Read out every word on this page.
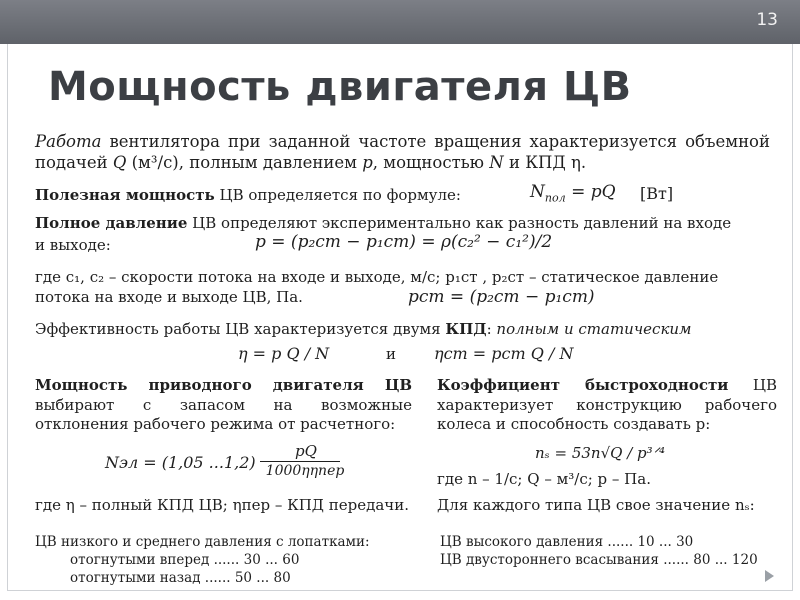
13
Мощность двигателя ЦВ
Работа вентилятора при заданной частоте вращения характеризуется объемной подачей Q (м³/с), полным давлением p, мощностью N и КПД η.
Полезная мощность ЦВ определяется по формуле:	$N_{пол}$ = pQ [Вт]
Полное давление ЦВ определяют экспериментально как разность давлений на входе
и выходе:	p = (p₂ст − p₁ст) = ρ(c₂² − c₁²)/2
где c₁, c₂ – скорости потока на входе и выходе, м/с; p₁ст , p₂ст – статическое давление
потока на входе и выходе ЦВ, Па.	pст = (p₂ст − p₁ст)
Эффективность работы ЦВ характеризуется двумя КПД: полным и статическим
η = p Q / N	и ηст = pст Q / N
Мощность приводного двигателя ЦВ выбирают с запасом на возможные отклонения рабочего режима от расчетного:
Nэл = (1,05 ...1,2)
pQ
1000ηηпер
где η – полный КПД ЦВ; ηпер – КПД передачи.
ЦВ низкого и среднего давления с лопатками:
отогнутыми вперед ...... 30 ... 60
отогнутыми назад ...... 50 ... 80
Коэффициент быстроходности ЦВ характеризует конструкцию рабочего колеса и способность создавать p:
nₛ = 53n√Q / p³ᐟ⁴
где n – 1/с; Q – м³/с; p – Па.
Для каждого типа ЦВ свое значение nₛ:
ЦВ высокого давления ...... 10 ... 30
ЦВ двустороннего всасывания ...... 80 ... 120
